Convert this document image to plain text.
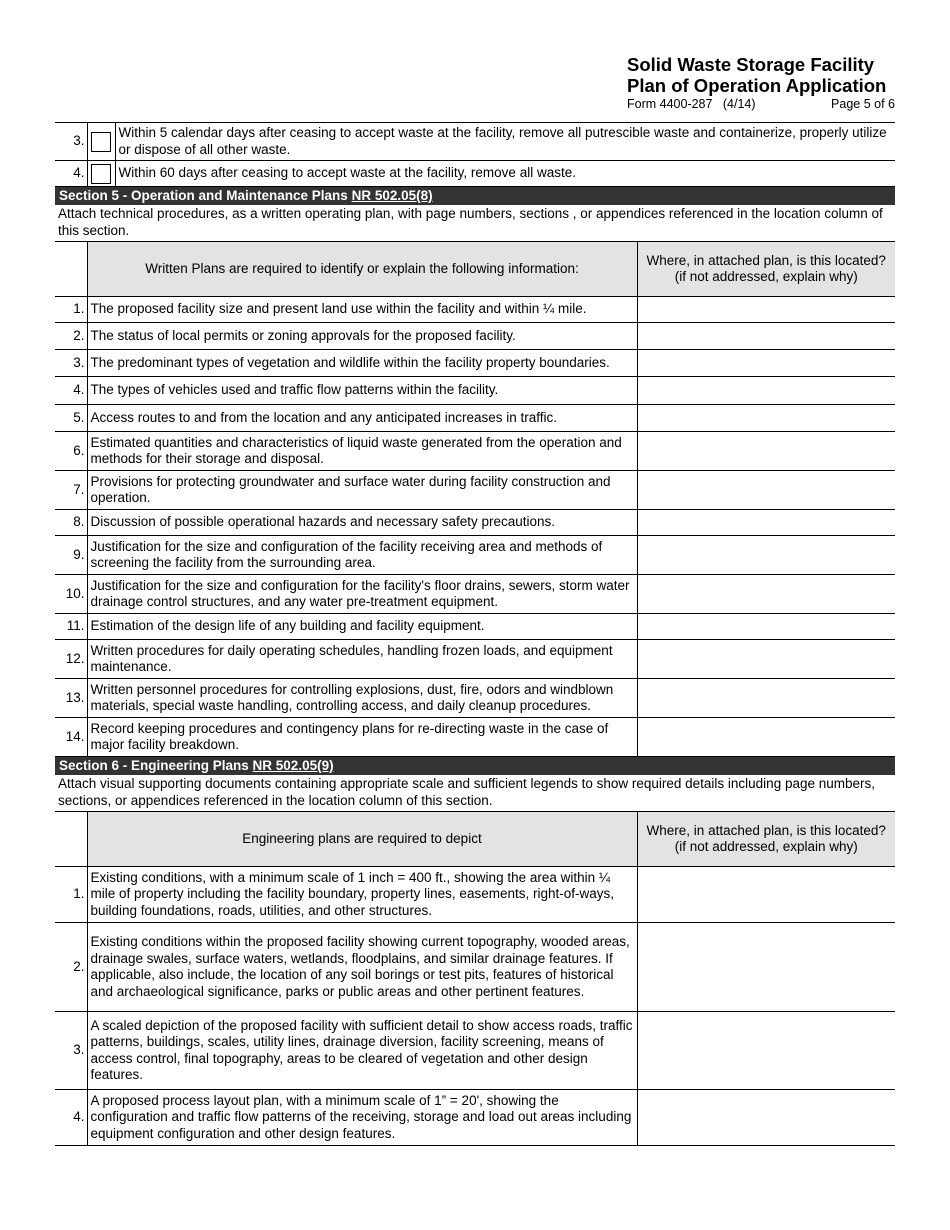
Solid Waste Storage Facility
Plan of Operation Application
Form 4400-287   (4/14)	Page 5 of 6
3.		Within 5 calendar days after ceasing to accept waste at the facility, remove all putrescible waste and containerize, properly utilize or dispose of all other waste.
4.		Within 60 days after ceasing to accept waste at the facility, remove all waste.
Section 5 - Operation and Maintenance Plans NR 502.05(8)
Attach technical procedures, as a written operating plan, with page numbers, sections , or appendices referenced in the location column of this section.
	Written Plans are required to identify or explain the following information:	Where, in attached plan, is this located? (if not addressed, explain why)
1.	The proposed facility size and present land use within the facility and within ¼ mile.	
2.	The status of local permits or zoning approvals for the proposed facility.	
3.	The predominant types of vegetation and wildlife within the facility property boundaries.	
4.	The types of vehicles used and traffic flow patterns within the facility.	
5.	Access routes to and from the location and any anticipated increases in traffic.	
6.	Estimated quantities and characteristics of liquid waste generated from the operation and methods for their storage and disposal.	
7.	Provisions for protecting groundwater and surface water during facility construction and operation.	
8.	Discussion of possible operational hazards and necessary safety precautions.	
9.	Justification for the size and configuration of the facility receiving area and methods of screening the facility from the surrounding area.	
10.	Justification for the size and configuration for the facility's floor drains, sewers, storm water drainage control structures, and any water pre-treatment equipment.	
11.	Estimation of the design life of any building and facility equipment.	
12.	Written procedures for daily operating schedules, handling frozen loads, and equipment maintenance.	
13.	Written personnel procedures for controlling explosions, dust, fire, odors and windblown materials, special waste handling, controlling access, and daily cleanup procedures.	
14.	Record keeping procedures and contingency plans for re-directing waste in the case of major facility breakdown.	
Section 6 - Engineering Plans NR 502.05(9)
Attach visual supporting documents containing appropriate scale and sufficient legends to show required details including page numbers, sections, or appendices referenced in the location column of this section.
	Engineering plans are required to depict	Where, in attached plan, is this located? (if not addressed, explain why)
1.	Existing conditions, with a minimum scale of 1 inch = 400 ft., showing the area within ¼ mile of property including the facility boundary, property lines, easements, right-of-ways, building foundations, roads, utilities, and other structures.	
2.	Existing conditions within the proposed facility showing current topography, wooded areas, drainage swales, surface waters, wetlands, floodplains, and similar drainage features. If applicable, also include, the location of any soil borings or test pits, features of historical and archaeological significance, parks or public areas and other pertinent features.	
3.	A scaled depiction of the proposed facility with sufficient detail to show access roads, traffic patterns, buildings, scales, utility lines, drainage diversion, facility screening, means of access control, final topography, areas to be cleared of vegetation and other design features.	
4.	A proposed process layout plan, with a minimum scale of 1” = 20', showing the configuration and traffic flow patterns of the receiving, storage and load out areas including equipment configuration and other design features.	
